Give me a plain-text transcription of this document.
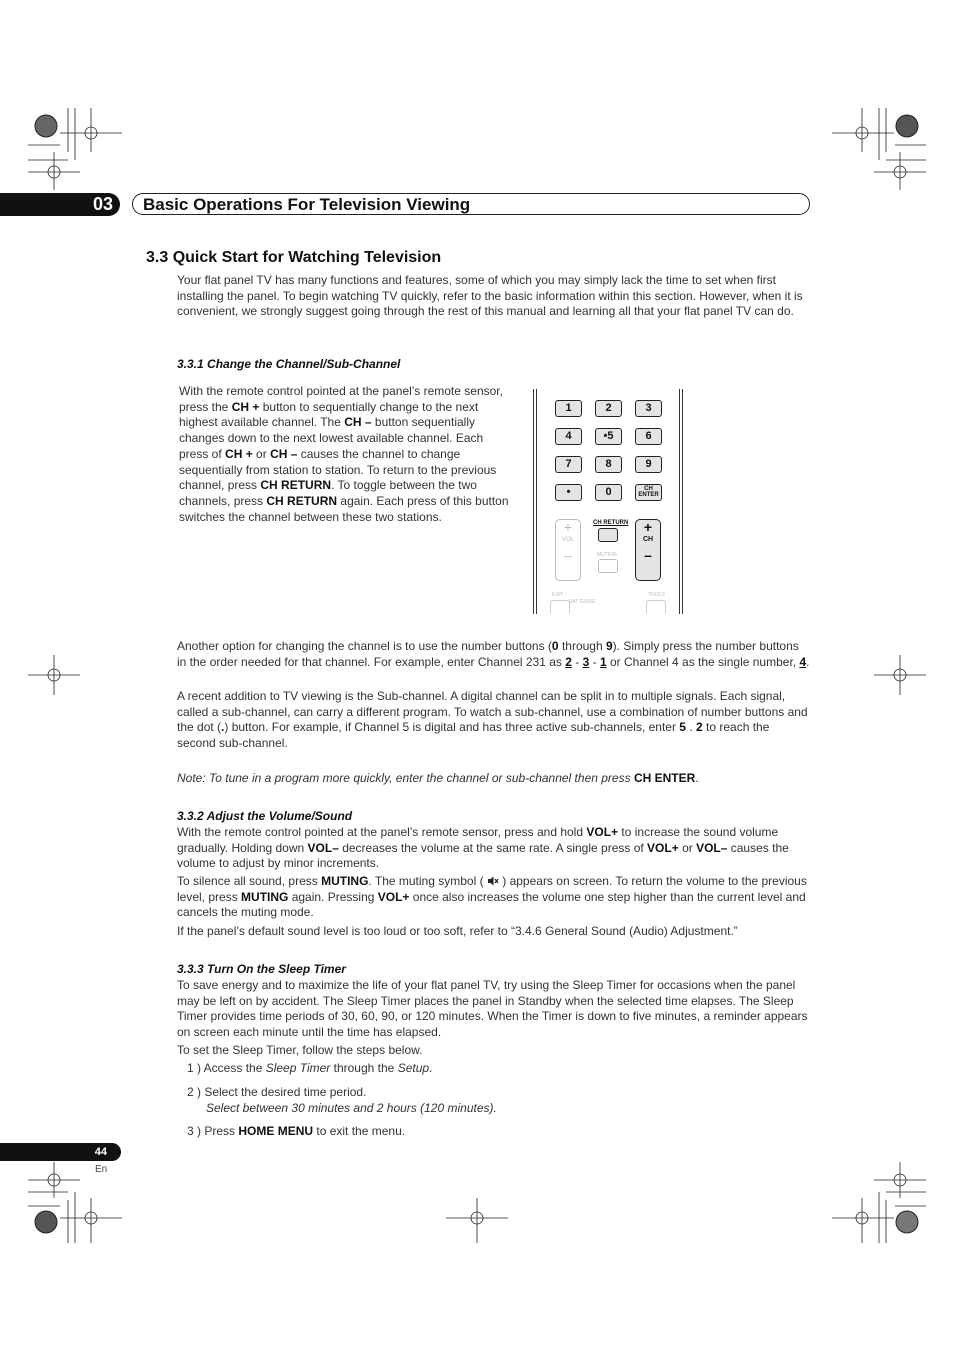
03	Basic Operations For Television Viewing
3.3 Quick Start for Watching Television
Your flat panel TV has many functions and features, some of which you may simply lack the time to set when first installing the panel. To begin watching TV quickly, refer to the basic information within this section. However, when it is convenient, we strongly suggest going through the rest of this manual and learning all that your flat panel TV can do.
3.3.1 Change the Channel/Sub-Channel
With the remote control pointed at the panel’s remote sensor, press the CH + button to sequentially change to the next highest available channel. The CH – button sequentially changes down to the next lowest available channel. Each press of CH + or CH – causes the channel to change sequentially from station to station. To return to the previous channel, press CH RETURN. To toggle between the two channels, press CH RETURN again. Each press of this button switches the channel between these two stations.
1	2	3
4	•5	6
7	8	9
•	0	CH
ENTER
+
VOL
–
CH RETURN
MUTING
+
CH
–
EXIT
SAT GUIDE
TOOLS
Another option for changing the channel is to use the number buttons (0 through 9). Simply press the number buttons in the order needed for that channel. For example, enter Channel 231 as 2 - 3 - 1 or Channel 4 as the single number, 4.
A recent addition to TV viewing is the Sub-channel. A digital channel can be split in to multiple signals. Each signal, called a sub-channel, can carry a different program. To watch a sub-channel, use a combination of number buttons and the dot (.) button. For example, if Channel 5 is digital and has three active sub-channels, enter 5 . 2 to reach the second sub-channel.
Note: To tune in a program more quickly, enter the channel or sub-channel then press CH ENTER.
3.3.2 Adjust the Volume/Sound
With the remote control pointed at the panel’s remote sensor, press and hold VOL+ to increase the sound volume gradually. Holding down VOL– decreases the volume at the same rate. A single press of VOL+ or VOL– causes the volume to adjust by minor increments.
To silence all sound, press MUTING. The muting symbol (  ) appears on screen. To return the volume to the previous level, press MUTING again. Pressing VOL+ once also increases the volume one step higher than the current level and cancels the muting mode.
If the panel’s default sound level is too loud or too soft, refer to “3.4.6 General Sound (Audio) Adjustment.”
3.3.3 Turn On the Sleep Timer
To save energy and to maximize the life of your flat panel TV, try using the Sleep Timer for occasions when the panel may be left on by accident. The Sleep Timer places the panel in Standby when the selected time elapses. The Sleep Timer provides time periods of 30, 60, 90, or 120 minutes. When the Timer is down to five minutes, a reminder appears on screen each minute until the time has elapsed.
To set the Sleep Timer, follow the steps below.
1 ) Access the Sleep Timer through the Setup.
2 ) Select the desired time period.
Select between 30 minutes and 2 hours (120 minutes).
3 ) Press HOME MENU to exit the menu.
44
En
